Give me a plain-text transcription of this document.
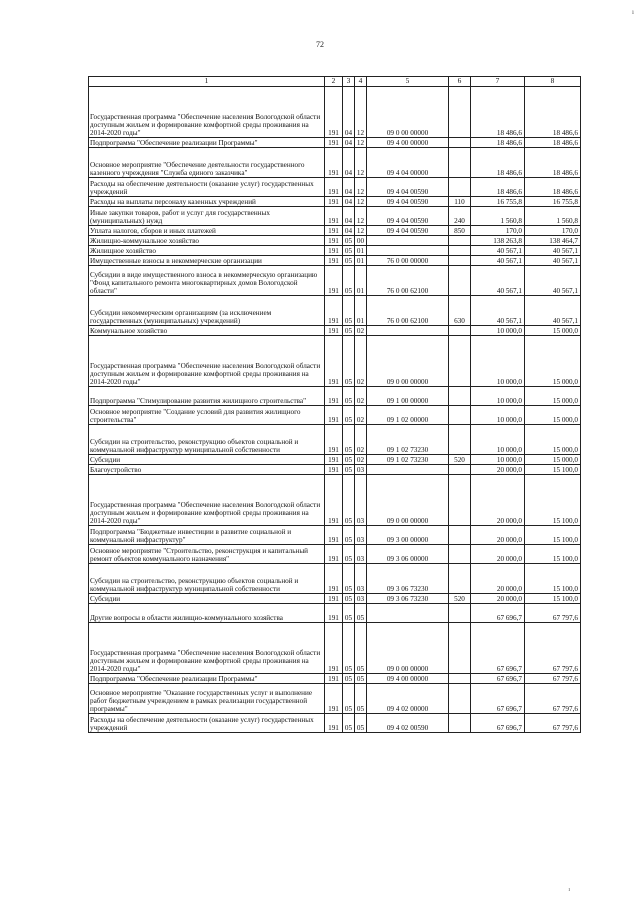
ı
72
1	2	3	4	5	6	7	8
Государственная программа "Обеспечение населения Вологодской области доступным жильем и формирование комфортной среды проживания на 2014-2020 годы"	191	04	12	09 0 00 00000		18 486,6	18 486,6
Подпрограмма "Обеспечение реализации Программы"	191	04	12	09 4 00 00000		18 486,6	18 486,6
Основное мероприятие "Обеспечение деятельности государственного казенного учреждения "Служба единого заказчика"	191	04	12	09 4 04 00000		18 486,6	18 486,6
Расходы на обеспечение деятельности (оказание услуг) государственных учреждений	191	04	12	09 4 04 00590		18 486,6	18 486,6
Расходы на выплаты персоналу казенных учреждений	191	04	12	09 4 04 00590	110	16 755,8	16 755,8
Иные закупки товаров, работ и услуг для государственных (муниципальных) нужд	191	04	12	09 4 04 00590	240	1 560,8	1 560,8
Уплата налогов, сборов и иных платежей	191	04	12	09 4 04 00590	850	170,0	170,0
Жилищно-коммунальное хозяйство	191	05	00			138 263,8	138 464,7
Жилищное хозяйство	191	05	01			40 567,1	40 567,1
Имущественные взносы в некоммерческие организации	191	05	01	76 0 00 00000		40 567,1	40 567,1
Субсидии в виде имущественного взноса в некоммерческую организацию "Фонд капитального ремонта многоквартирных домов Вологодской области"	191	05	01	76 0 00 62100		40 567,1	40 567,1
Субсидии некоммерческим организациям (за исключением государственных (муниципальных) учреждений)	191	05	01	76 0 00 62100	630	40 567,1	40 567,1
Коммунальное хозяйство	191	05	02			10 000,0	15 000,0
Государственная программа "Обеспечение населения Вологодской области доступным жильем и формирование комфортной среды проживания на 2014-2020 годы"	191	05	02	09 0 00 00000		10 000,0	15 000,0
Подпрограмма "Стимулирование развития жилищного строительства"	191	05	02	09 1 00 00000		10 000,0	15 000,0
Основное мероприятие "Создание условий для развития жилищного строительства"	191	05	02	09 1 02 00000		10 000,0	15 000,0
Субсидии на строительство, реконструкцию объектов социальной и коммунальной инфраструктур муниципальной собственности	191	05	02	09 1 02 73230		10 000,0	15 000,0
Субсидии	191	05	02	09 1 02 73230	520	10 000,0	15 000,0
Благоустройство	191	05	03			20 000,0	15 100,0
Государственная программа "Обеспечение населения Вологодской области доступным жильем и формирование комфортной среды проживания на 2014-2020 годы"	191	05	03	09 0 00 00000		20 000,0	15 100,0
Подпрограмма "Бюджетные инвестиции в развитие социальной и коммунальной инфраструктур"	191	05	03	09 3 00 00000		20 000,0	15 100,0
Основное мероприятие "Строительство, реконструкция и капитальный ремонт объектов коммунального назначения"	191	05	03	09 3 06 00000		20 000,0	15 100,0
Субсидии на строительство, реконструкцию объектов социальной и коммунальной инфраструктур муниципальной собственности	191	05	03	09 3 06 73230		20 000,0	15 100,0
Субсидии	191	05	03	09 3 06 73230	520	20 000,0	15 100,0
Другие вопросы в области жилищно-коммунального хозяйства	191	05	05			67 696,7	67 797,6
Государственная программа "Обеспечение населения Вологодской области доступным жильем и формирование комфортной среды проживания на 2014-2020 годы"	191	05	05	09 0 00 00000		67 696,7	67 797,6
Подпрограмма "Обеспечение реализации Программы"	191	05	05	09 4 00 00000		67 696,7	67 797,6
Основное мероприятие "Оказание государственных услуг и выполнение работ бюджетным учреждением в рамках реализации государственной программы"	191	05	05	09 4 02 00000		67 696,7	67 797,6
Расходы на обеспечение деятельности (оказание услуг) государственных учреждений	191	05	05	09 4 02 00590		67 696,7	67 797,6
ı
